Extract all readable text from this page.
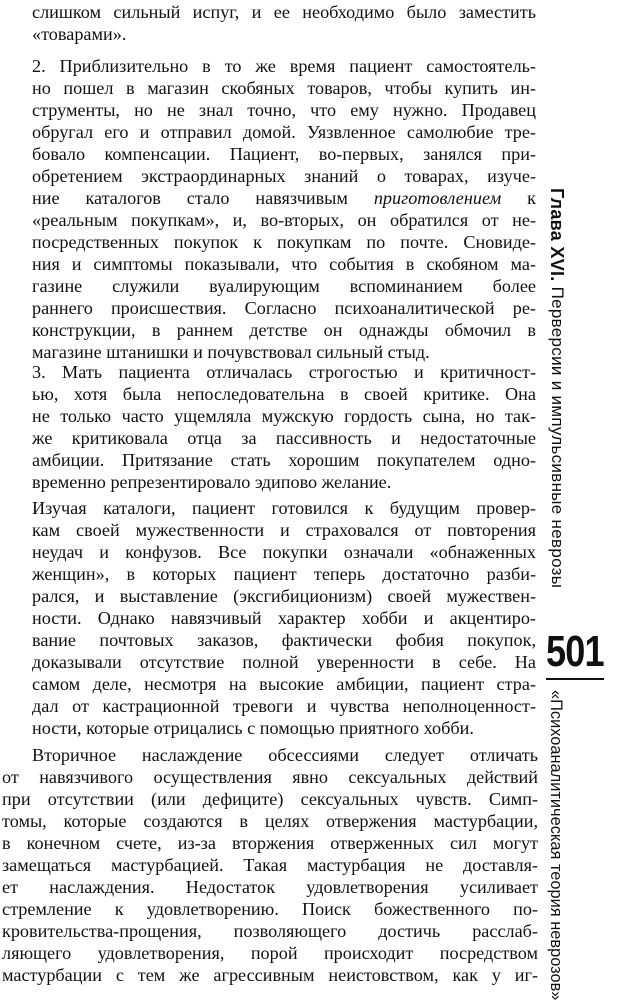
слишком сильный испуг, и ее необходимо было заместить
«товарами».
2. Приблизительно в то же время пациент самостоятель-
но пошел в магазин скобяных товаров, чтобы купить ин-
струменты, но не знал точно, что ему нужно. Продавец
обругал его и отправил домой. Уязвленное самолюбие тре-
бовало компенсации. Пациент, во-первых, занялся при-
обретением экстраординарных знаний о товарах, изуче-
ние каталогов стало навязчивым приготовлением к
«реальным покупкам», и, во-вторых, он обратился от не-
посредственных покупок к покупкам по почте. Сновиде-
ния и симптомы показывали, что события в скобяном ма-
газине служили вуалирующим вспоминанием более
раннего происшествия. Согласно психоаналитической ре-
конструкции, в раннем детстве он однажды обмочил в
магазине штанишки и почувствовал сильный стыд.
3. Мать пациента отличалась строгостью и критичност-
ью, хотя была непоследовательна в своей критике. Она
не только часто ущемляла мужскую гордость сына, но так-
же критиковала отца за пассивность и недостаточные
амбиции. Притязание стать хорошим покупателем одно-
временно репрезентировало эдипово желание.
Изучая каталоги, пациент готовился к будущим провер-
кам своей мужественности и страховался от повторения
неудач и конфузов. Все покупки означали «обнаженных
женщин», в которых пациент теперь достаточно разби-
рался, и выставление (эксгибиционизм) своей мужествен-
ности. Однако навязчивый характер хобби и акцентиро-
вание почтовых заказов, фактически фобия покупок,
доказывали отсутствие полной уверенности в себе. На
самом деле, несмотря на высокие амбиции, пациент стра-
дал от кастрационной тревоги и чувства неполноценност-
ности, которые отрицались с помощью приятного хобби.
Вторичное наслаждение обсессиями следует отличать
от навязчивого осуществления явно сексуальных действий
при отсутствии (или дефиците) сексуальных чувств. Симп-
томы, которые создаются в целях отвержения мастурбации,
в конечном счете, из-за вторжения отверженных сил могут
замещаться мастурбацией. Такая мастурбация не доставля-
ет наслаждения. Недостаток удовлетворения усиливает
стремление к удовлетворению. Поиск божественного по-
кровительства-прощения, позволяющего достичь расслаб-
ляющего удовлетворения, порой происходит посредством
мастурбации с тем же агрессивным неистовством, как у иг-
Глава XVI. Перверсии и импульсивные неврозы
501
«Психоаналитическая теория неврозов»
